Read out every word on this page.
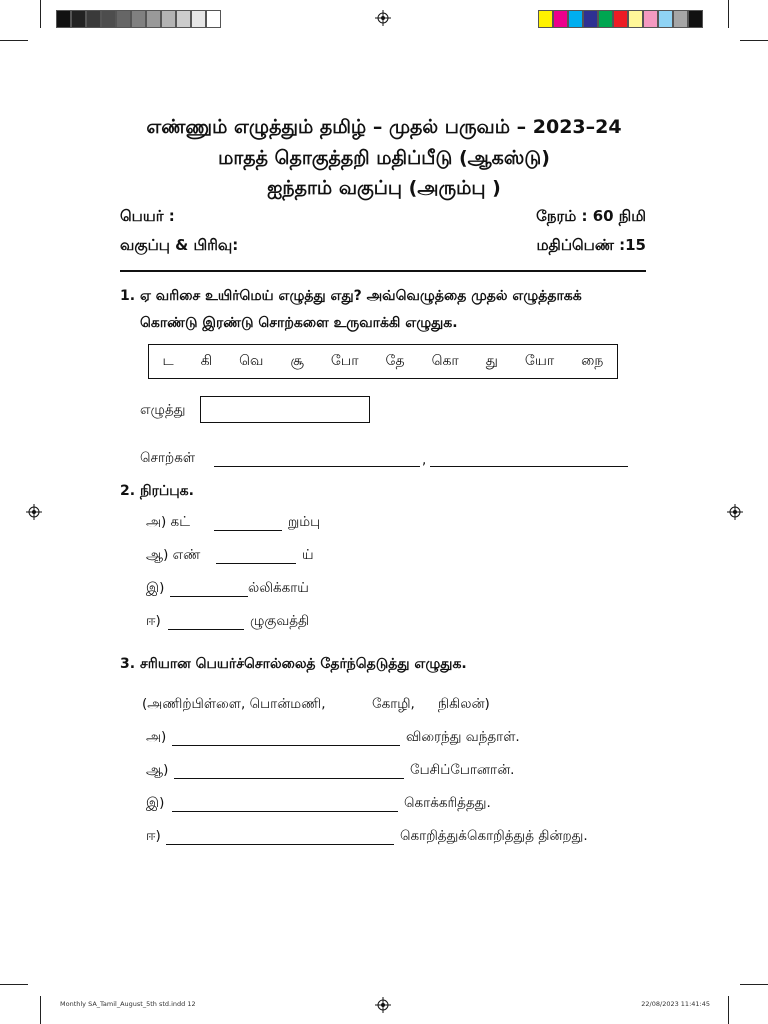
எண்ணும் எழுத்தும் தமிழ் – முதல் பருவம் – 2023–24
மாதத் தொகுத்தறி மதிப்பீடு (ஆகஸ்டு)
ஐந்தாம் வகுப்பு (அரும்பு )
பெயர் :	நேரம் : 60 நிமி
வகுப்பு & பிரிவு:	மதிப்பெண் :15
1. ஏ வரிசை உயிர்மெய் எழுத்து எது? அவ்வெழுத்தை முதல் எழுத்தாகக்
கொண்டு இரண்டு சொற்களை உருவாக்கி எழுதுக.
ட கி வெ சூ போ தே கொ து யோ நை
எழுத்து
சொற்கள்	,
2. நிரப்புக.
அ) கட்	றும்பு
ஆ) எண்	ய்
இ)	ல்லிக்காய்
ஈ)	ழுகுவத்தி
3. சரியான பெயர்ச்சொல்லைத் தேர்ந்தெடுத்து எழுதுக.
(அணிற்பிள்ளை, பொன்மணி,	கோழி, நிகிலன்)
அ)	விரைந்து வந்தாள்.
ஆ)	பேசிப்போனான்.
இ)	கொக்கரித்தது.
ஈ)	கொறித்துக்கொறித்துத் தின்றது.
Monthly SA_Tamil_August_5th std.indd 12	22/08/2023 11:41:45
